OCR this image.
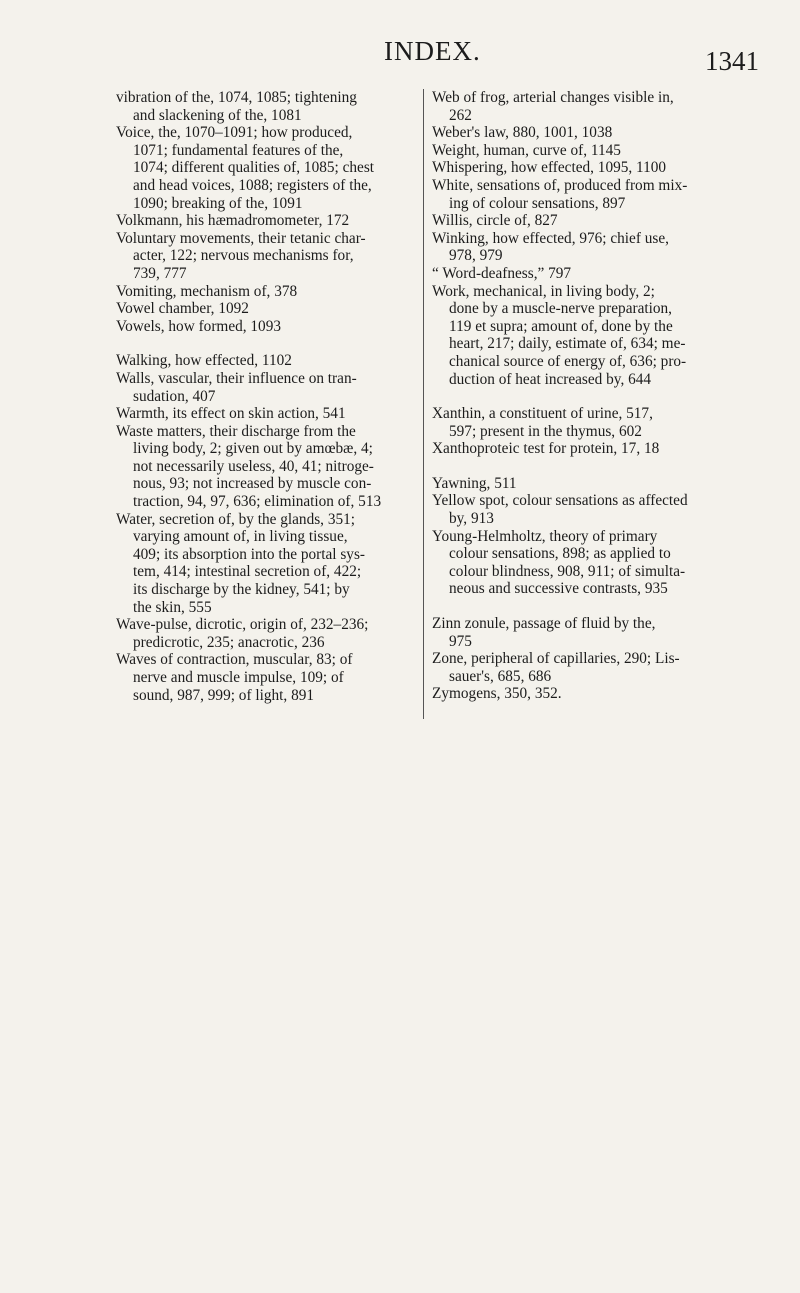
INDEX.	1341

vibration of the, 1074, 1085; tightening
and slackening of the, 1081

Voice, the, 1070–1091; how produced,
1071; fundamental features of the,
1074; different qualities of, 1085; chest
and head voices, 1088; registers of the,
1090; breaking of the, 1091

Volkmann, his hæmadromometer, 172

Voluntary movements, their tetanic char-
acter, 122; nervous mechanisms for,
739, 777

Vomiting, mechanism of, 378

Vowel chamber, 1092

Vowels, how formed, 1093

Walking, how effected, 1102

Walls, vascular, their influence on tran-
sudation, 407

Warmth, its effect on skin action, 541

Waste matters, their discharge from the
living body, 2; given out by amœbæ, 4;
not necessarily useless, 40, 41; nitroge-
nous, 93; not increased by muscle con-
traction, 94, 97, 636; elimination of, 513

Water, secretion of, by the glands, 351;
varying amount of, in living tissue,
409; its absorption into the portal sys-
tem, 414; intestinal secretion of, 422;
its discharge by the kidney, 541; by
the skin, 555

Wave-pulse, dicrotic, origin of, 232–236;
predicrotic, 235; anacrotic, 236

Waves of contraction, muscular, 83; of
nerve and muscle impulse, 109; of
sound, 987, 999; of light, 891

Web of frog, arterial changes visible in,
262

Weber's law, 880, 1001, 1038

Weight, human, curve of, 1145

Whispering, how effected, 1095, 1100

White, sensations of, produced from mix-
ing of colour sensations, 897

Willis, circle of, 827

Winking, how effected, 976; chief use,
978, 979

“ Word-deafness,” 797

Work, mechanical, in living body, 2;
done by a muscle-nerve preparation,
119 et supra; amount of, done by the
heart, 217; daily, estimate of, 634; me-
chanical source of energy of, 636; pro-
duction of heat increased by, 644

Xanthin, a constituent of urine, 517,
597; present in the thymus, 602

Xanthoproteic test for protein, 17, 18

Yawning, 511

Yellow spot, colour sensations as affected
by, 913

Young-Helmholtz, theory of primary
colour sensations, 898; as applied to
colour blindness, 908, 911; of simulta-
neous and successive contrasts, 935

Zinn zonule, passage of fluid by the,
975

Zone, peripheral of capillaries, 290; Lis-
sauer's, 685, 686

Zymogens, 350, 352.
